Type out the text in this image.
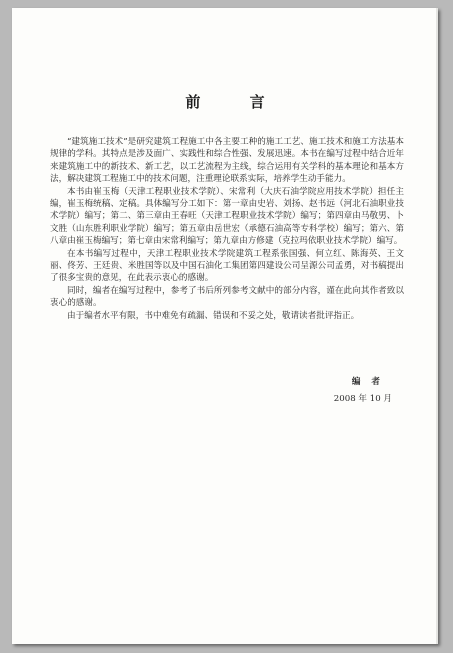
前 言

“建筑施工技术”是研究建筑工程施工中各主要工种的施工工艺、施工技术和施工方法基本规律的学科。其特点是涉及面广、实践性和综合性强、发展迅速。本书在编写过程中结合近年来建筑施工中的新技术、新工艺，以工艺流程为主线，综合运用有关学科的基本理论和基本方法，解决建筑工程施工中的技术问题，注重理论联系实际，培养学生动手能力。

本书由崔玉梅（天津工程职业技术学院）、宋常利（大庆石油学院应用技术学院）担任主编，崔玉梅统稿、定稿。具体编写分工如下：第一章由史岩、刘扬、赵书远（河北石油职业技术学院）编写；第二、第三章由王春旺（天津工程职业技术学院）编写；第四章由马敬男、卜文胜（山东胜利职业学院）编写；第五章由岳世宏（承德石油高等专科学校）编写；第六、第八章由崔玉梅编写；第七章由宋常利编写；第九章由方修建（克拉玛依职业技术学院）编写。

在本书编写过程中，天津工程职业技术学院建筑工程系张国强、何立红、陈海英、王文丽、佟芳、王廷贵、米胜国等以及中国石油化工集团第四建设公司呈源公司孟勇，对书稿提出了很多宝贵的意见，在此表示衷心的感谢。

同时，编者在编写过程中，参考了书后所列参考文献中的部分内容，谨在此向其作者致以衷心的感谢。

由于编者水平有限，书中难免有疏漏、错误和不妥之处，敬请读者批评指正。

编 者
2008 年 10 月
